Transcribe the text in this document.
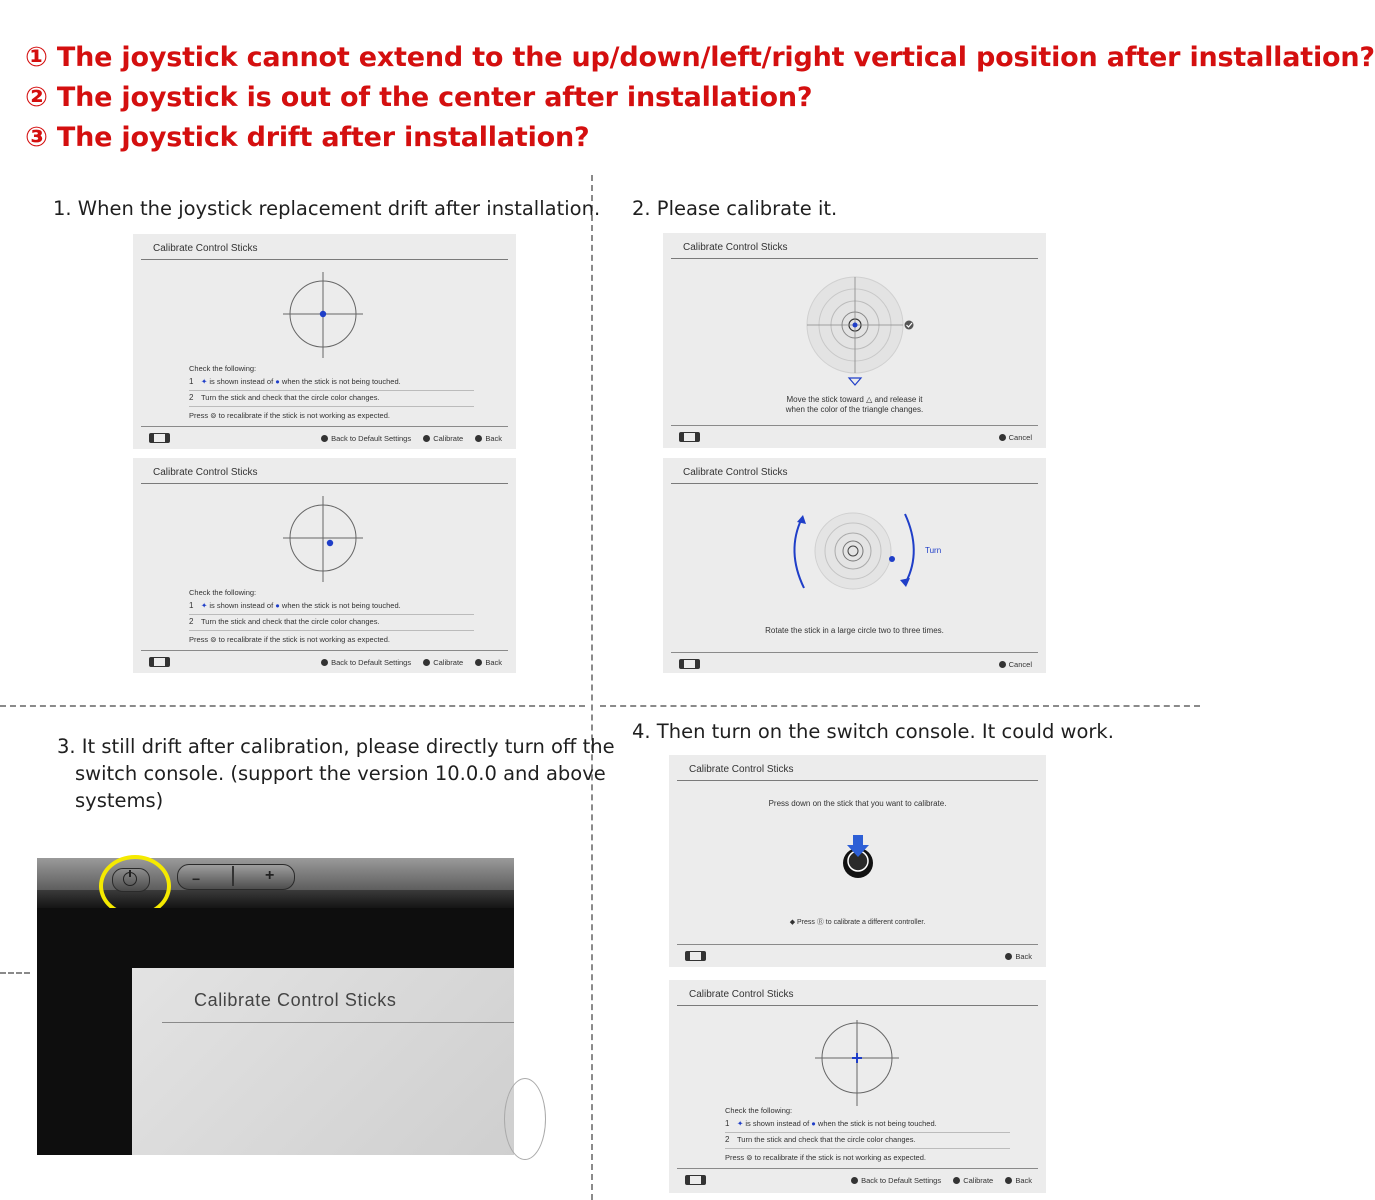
① The joystick cannot extend to the up/down/left/right vertical position after installation?
② The joystick is out of the center after installation?
③ The joystick drift after installation?
1. When the joystick replacement drift after installation. 2. Please calibrate it.
3. It still drift after calibration, please directly turn off the
switch console. (support the version 10.0.0 and above
systems)
4. Then turn on the switch console. It could work.
Calibrate Control Sticks
Check the following:
1 ✦ is shown instead of ● when the stick is not being touched.
2 Turn the stick and check that the circle color changes.
Press ⊚ to recalibrate if the stick is not working as expected.
Back to Default Settings	Calibrate	Back
Calibrate Control Sticks
Check the following:
1 ✦ is shown instead of ● when the stick is not being touched.
2 Turn the stick and check that the circle color changes.
Press ⊚ to recalibrate if the stick is not working as expected.
Back to Default Settings	Calibrate	Back
Calibrate Control Sticks
Move the stick toward △ and release it
when the color of the triangle changes.
Cancel
Calibrate Control Sticks
Turn
Rotate the stick in a large circle two to three times.
Cancel
Calibrate Control Sticks
Press down on the stick that you want to calibrate.
◆ Press Ⓡ to calibrate a different controller.
Back
Calibrate Control Sticks
Check the following:
1 ✦ is shown instead of ● when the stick is not being touched.
2 Turn the stick and check that the circle color changes.
Press ⊚ to recalibrate if the stick is not working as expected.
Back to Default Settings	Calibrate	Back
−	+
Calibrate Control Sticks
